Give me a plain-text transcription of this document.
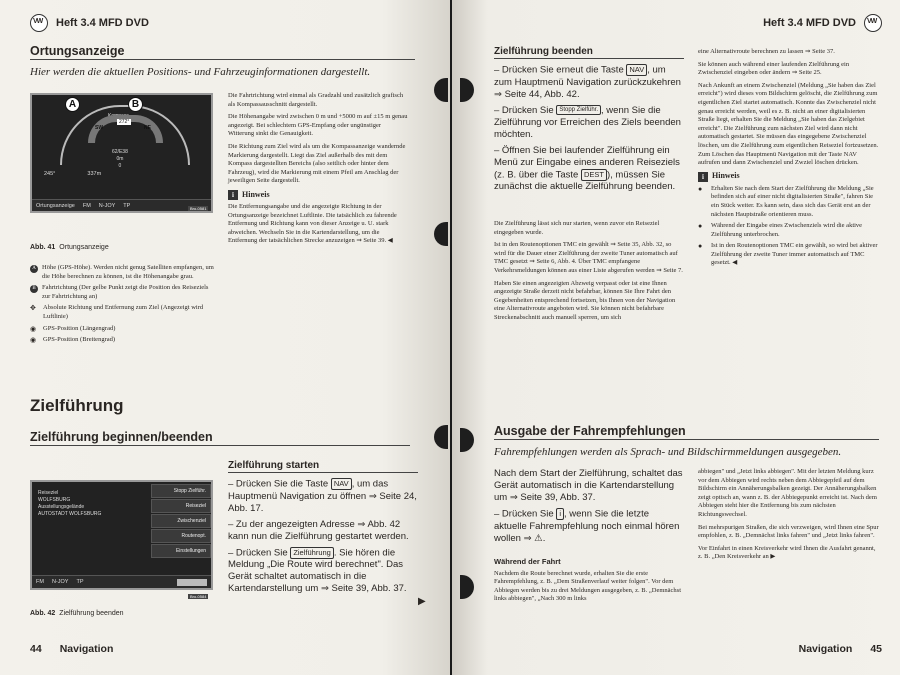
VW
Heft 3.4 MFD DVD
Ortungsanzeige
Hier werden die aktuellen Positions- und Fahrzeuginformationen dargestellt.
Kompass
SW	NE
272°
62/E38
0m
0
245°	337m
Ortungsanzeige FM N-JOY TP
A	B
Bro-0581
Abb. 41 Ortungsanzeige
A Höhe (GPS-Höhe). Werden nicht genug Satelliten empfangen, um die Höhe berechnen zu können, ist die Höhenangabe grau.
B Fahrtrichtung (Der gelbe Punkt zeigt die Position des Reiseziels zur Fahrtrichtung an)
✥	Absolute Richtung und Entfernung zum Ziel (Angezeigt wird Luftlinie)
◉	GPS-Position (Längengrad)
◉	GPS-Position (Breitengrad)

Die Fahrtrichtung wird einmal als Gradzahl und zusätzlich grafisch als Kompassausschnitt dargestellt.

Die Höhenangabe wird zwischen 0 m und +5000 m auf ±15 m genau angezeigt. Bei schlechtem GPS-Empfang oder ungünstiger Witterung sinkt die Genauigkeit.

Die Richtung zum Ziel wird als um die Kompassanzeige wandernde Markierung dargestellt. Liegt das Ziel außerhalb des mit dem Kompass dargestellten Bereichs (also seitlich oder hinter dem Fahrzeug), wird die Markierung mit einem Pfeil am Anschlag der jeweiligen Seite dargestellt.

i	Hinweis

Die Entfernungsangabe und die angezeigte Richtung in der Ortungsanzeige bezeichnet Luftlinie. Die tatsächlich zu fahrende Entfernung und Richtung kann von dieser Anzeige u. U. stark abweichen. Wechseln Sie in die Kartendarstellung, um die Entfernung der tatsächlichen Strecke anzuzeigen ⇒ Seite 39. ◀

Zielführung
Zielführung beginnen/beenden
Reiseziel
WOLFSBURG
Ausstellungsgelände
AUTOSTADT WOLFSBURG
Stopp Zielführ.
Reiseziel
Zwischenziel
Routenopt.
Einstellungen
FM N-JOY TP
Bro-0584
Abb. 42 Zielführung beenden
Zielführung starten

– Drücken Sie die Taste NAV , um das Hauptmenü Navigation zu öffnen ⇒ Seite 24, Abb. 17.

– Zu der angezeigten Adresse ⇒ Abb. 42 kann nun die Zielführung gestartet werden.

– Drücken Sie Zielführung . Sie hören die Meldung „Die Route wird berechnet". Das Gerät schaltet automatisch in die Kartendarstellung um ⇒ Seite 39, Abb. 37.

▶
44 Navigation
Heft 3.4 MFD DVD
VW
Zielführung beenden

– Drücken Sie erneut die Taste NAV , um zum Hauptmenü Navigation zurückzukehren ⇒ Seite 44, Abb. 42.

– Drücken Sie Stopp Zielführ. , wenn Sie die Zielführung vor Erreichen des Ziels beenden möchten.

– Öffnen Sie bei laufender Zielführung ein Menü zur Eingabe eines anderen Reiseziels (z. B. über die Taste DEST ), müssen Sie zunächst die aktuelle Zielführung beenden.

Die Zielführung lässt sich nur starten, wenn zuvor ein Reiseziel eingegeben wurde.

Ist in den Routenoptionen TMC ein gewählt ⇒ Seite 35, Abb. 32, so wird für die Dauer einer Zielführung der zweite Tuner automatisch auf TMC gesetzt ⇒ Seite 6, Abb. 4. Über TMC empfangene Verkehrsmeldungen können aus einer Liste abgerufen werden ⇒ Seite 7.

Haben Sie einen angezeigten Abzweig verpasst oder ist eine Ihnen angezeigte Straße derzeit nicht befahrbar, können Sie Ihre Fahrt den Gegebenheiten entsprechend fortsetzen, bis Ihnen von der Navigation eine Alternativroute angeboten wird. Sie können nicht befahrbare Streckenabschnitt auch manuell sperren, um sich

eine Alternativroute berechnen zu lassen ⇒ Seite 37.

Sie können auch während einer laufenden Zielführung ein Zwischenziel eingeben oder ändern ⇒ Seite 25.

Nach Ankunft an einem Zwischenziel (Meldung „Sie haben das Ziel erreicht") wird dieses vom Bildschirm gelöscht, die Zielführung zum eigentlichen Ziel startet automatisch. Konnte das Zwischenziel nicht genau erreicht werden, weil es z. B. nicht an einer digitalisierten Straße liegt, erhalten Sie die Meldung „Sie haben das Zielgebiet erreicht". Die Zielführung zum nächsten Ziel wird dann nicht automatisch gestartet. Sie müssen das eingegebene Zwischenziel löschen, um die Zielführung zum eigentlichen Reiseziel fortzusetzen. Zum Löschen das Hauptmenü Navigation mit der Taste NAV aufrufen und dann Zwischenziel und Zwziel löschen drücken.

i	Hinweis
●	Erhalten Sie nach dem Start der Zielführung die Meldung „Sie befinden sich auf einer nicht digitalisierten Straße", fahren Sie ein Stück weiter. Es kann sein, dass sich das Gerät erst an der nächsten Hauptstraße orientieren muss.
●	Während der Eingabe eines Zwischenziels wird die aktive Zielführung unterbrochen.
●	Ist in den Routenoptionen TMC ein gewählt, so wird bei aktiver Zielführung der zweite Tuner immer automatisch auf TMC gesetzt. ◀
Ausgabe der Fahrempfehlungen
Fahrempfehlungen werden als Sprach- und Bildschirmmeldungen ausgegeben.

Nach dem Start der Zielführung, schaltet das Gerät automatisch in die Kartendarstellung um ⇒ Seite 39, Abb. 37.

– Drücken Sie i , wenn Sie die letzte aktuelle Fahrempfehlung noch einmal hören wollen ⇒ ⚠.

Während der Fahrt

Nachdem die Route berechnet wurde, erhalten Sie die erste Fahrempfehlung, z. B. „Dem Straßenverlauf weiter folgen". Vor dem Abbiegen werden bis zu drei Meldungen ausgegeben, z. B. „Demnächst links abbiegen", „Nach 300 m links

abbiegen" und „Jetzt links abbiegen". Mit der letzten Meldung kurz vor dem Abbiegen wird rechts neben dem Abbiegepfeil auf dem Bildschirm ein Annäherungsbalken gezeigt. Der Annäherungsbalken zeigt optisch an, wann z. B. der Abbiegepunkt erreicht ist. Nach dem Abbiegen steht hier die Entfernung bis zum nächsten Richtungswechsel.

Bei mehrspurigen Straßen, die sich verzweigen, wird Ihnen eine Spur empfohlen, z. B. „Demnächst links fahren" und „Jetzt links fahren".

Vor Einfahrt in einen Kreisverkehr wird Ihnen die Ausfahrt genannt, z. B. „Den Kreisverkehr an ▶

Navigation 45
